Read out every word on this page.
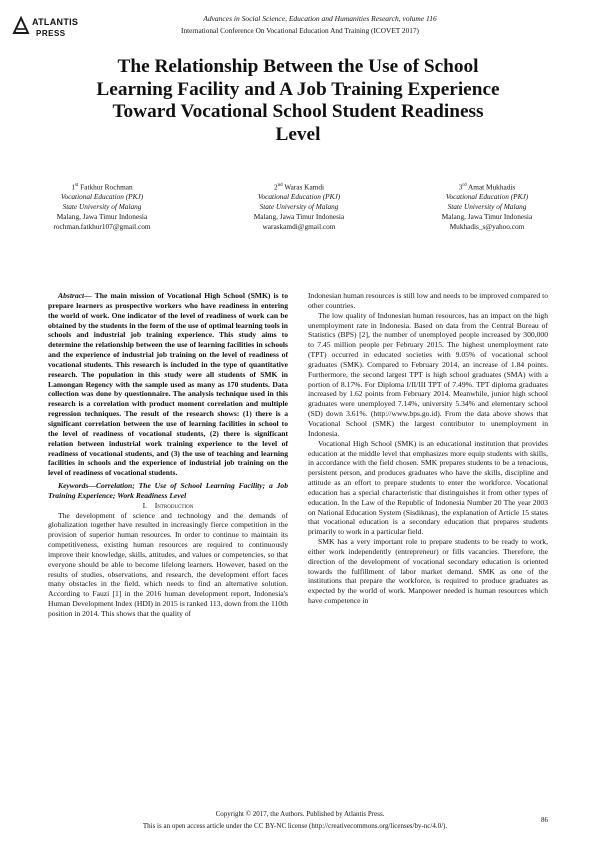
ATLANTIS
PRESS
Advances in Social Science, Education and Humanities Research, volume 116
International Conference On Vocational Education And Training (ICOVET 2017)
The Relationship Between the Use of School
Learning Facility and A Job Training Experience
Toward Vocational School Student Readiness
Level
1st Fatkhur Rochman
Vocational Education (PKJ)
State University of Malang
Malang, Jawa Timur Indonesia
rochman.fatkhur107@gmail.com
2nd Waras Kamdi
Vocational Education (PKJ)
State University of Malang
Malang, Jawa Timur Indonesia
waraskamdi@gmail.com
3rd Amat Mukhadis
Vocational Education (PKJ)
State University of Malang
Malang, Jawa Timur Indonesia
Mukhadis_s@yahoo.com

Abstract— The main mission of Vocational High School (SMK) is to prepare learners as prospective workers who have readiness in entering the world of work. One indicator of the level of readiness of work can be obtained by the students in the form of the use of optimal learning tools in schools and industrial job training experience. This study aims to determine the relationship between the use of learning facilities in schools and the experience of industrial job training on the level of readiness of vocational students. This research is included in the type of quantitative research. The population in this study were all students of SMK in Lamongan Regency with the sample used as many as 170 students. Data collection was done by questionnaire. The analysis technique used in this research is a correlation with product moment correlation and multiple regression techniques. The result of the research shows: (1) there is a significant correlation between the use of learning facilities in school to the level of readiness of vocational students, (2) there is significant relation between industrial work training experience to the level of readiness of vocational students, and (3) the use of teaching and learning facilities in schools and the experience of industrial job training on the level of readiness of vocational students.

Keywords—Correlation; The Use of School Learning Facility; a Job Training Experience; Work Readiness Level

I. Introduction

The development of science and technology and the demands of globalization together have resulted in increasingly fierce competition in the provision of superior human resources. In order to continue to maintain its competitiveness, existing human resources are required to continuously improve their knowledge, skills, attitudes, and values or competencies, so that everyone should be able to become lifelong learners. However, based on the results of studies, observations, and research, the development effort faces many obstacles in the field, which needs to find an alternative solution. According to Fauzi [1] in the 2016 human development report, Indonesia's Human Development Index (HDI) in 2015 is ranked 113, down from the 110th position in 2014. This shows that the quality of

Indonesian human resources is still low and needs to be improved compared to other countries.

The low quality of Indonesian human resources, has an impact on the high unemployment rate in Indonesia. Based on data from the Central Bureau of Statistics (BPS) [2], the number of unemployed people increased by 300,000 to 7.45 million people per February 2015. The highest unemployment rate (TPT) occurred in educated societies with 9.05% of vocational school graduates (SMK). Compared to February 2014, an increase of 1.84 points. Furthermore, the second largest TPT is high school graduates (SMA) with a portion of 8.17%. For Diploma I/II/III TPT of 7.49%. TPT diploma graduates increased by 1.62 points from February 2014. Meanwhile, junior high school graduates were unemployed 7.14%, university 5.34% and elementary school (SD) down 3.61%. (http://www.bps.go.id). From the data above shows that Vocational School (SMK) the largest contributor to unemployment in Indonesia.

Vocational High School (SMK) is an educational institution that provides education at the middle level that emphasizes more equip students with skills, in accordance with the field chosen. SMK prepares students to be a tenacious, persistent person, and produces graduates who have the skills, discipline and attitude as an effort to prepare students to enter the workforce. Vocational education has a special characteristic that distinguishes it from other types of education. In the Law of the Republic of Indonesia Number 20 The year 2003 on National Education System (Sisdiknas), the explanation of Article 15 states that vocational education is a secondary education that prepares students primarily to work in a particular field.

SMK has a very important role to prepare students to be ready to work, either work independently (entrepreneur) or fills vacancies. Therefore, the direction of the development of vocational secondary education is oriented towards the fulfillment of labor market demand. SMK as one of the institutions that prepare the workforce, is required to produce graduates as expected by the world of work. Manpower needed is human resources which have competence in

Copyright © 2017, the Authors. Published by Atlantis Press.
This is an open access article under the CC BY-NC license (http://creativecommons.org/licenses/by-nc/4.0/).
86
